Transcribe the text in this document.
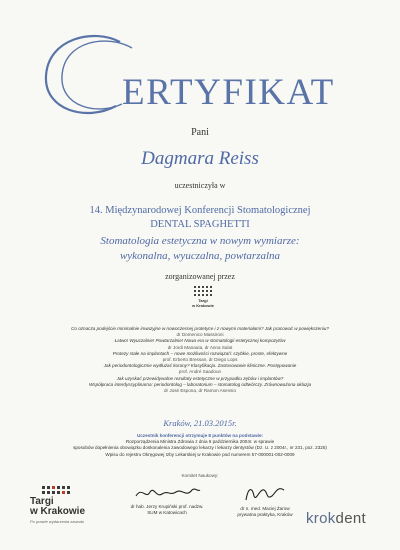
ERTYFIKAT
Pani
Dagmara Reiss
uczestniczyła w
14. Międzynarodowej Konferencji Stomatologicznej
DENTAL SPAGHETTI
Stomatologia estetyczna w nowym wymiarze:
wykonalna, wyuczalna, powtarzalna
zorganizowanej przez
Targi
w Krakowie
Co oznacza podejście minimalnie inwazyjne w nowoczesnej protetyce i z nowymi materiałami? Jak pracować w powiększeniu?
dr Domenico Massironi
Łatwo! Wyuczalnie! Powtarzalnie! Nowa era w stomatologii estetycznej kompozytów
dr Jordi Manauta, dr Anna Salat
Protezy stałe na implantach – nowe możliwości rozwiązań: szybkie, proste, efektywne
prof. Erberto Bressan, dr Diego Lops
Jak periodontologicznie wydłużać korony? Klasyfikacja. Zastosowanie kliniczne. Postępowanie
prof. André Saadoun
Jak uzyskać przewidywalne rezultaty estetyczne w przypadku zębów i implantów?
Współpraca interdyscyplinarna: periodontolog – laboratorium – stomatolog odtwórczy. Zrównoważona okluzja
dr José Espona, dr Ramon Asensio
Kraków, 21.03.2015r.
Uczestnik konferencji otrzymuje 8 punktów na podstawie:
Rozporządzenia Ministra Zdrowia z dnia 6 października 2004r. w sprawie
sposobów dopełnienia obowiązku doskonalenia zawodowego lekarzy i lekarzy dentystów (Dz. U. z 2004r., nr 231, poz. 2325)
Wpisu do rejestru Okręgowej Izby Lekarskiej w Krakowie pod numerem 57-000001-002-0009
Komitet Naukowy:
dr hab. Jerzy Krupiński prof. nadzw.
SUM w Katowicach
dr n. med. Maciej Żarow
prywatna praktyka, Kraków
Targi
w Krakowie
Po prawie wydarzenia zawodu	krokdent
